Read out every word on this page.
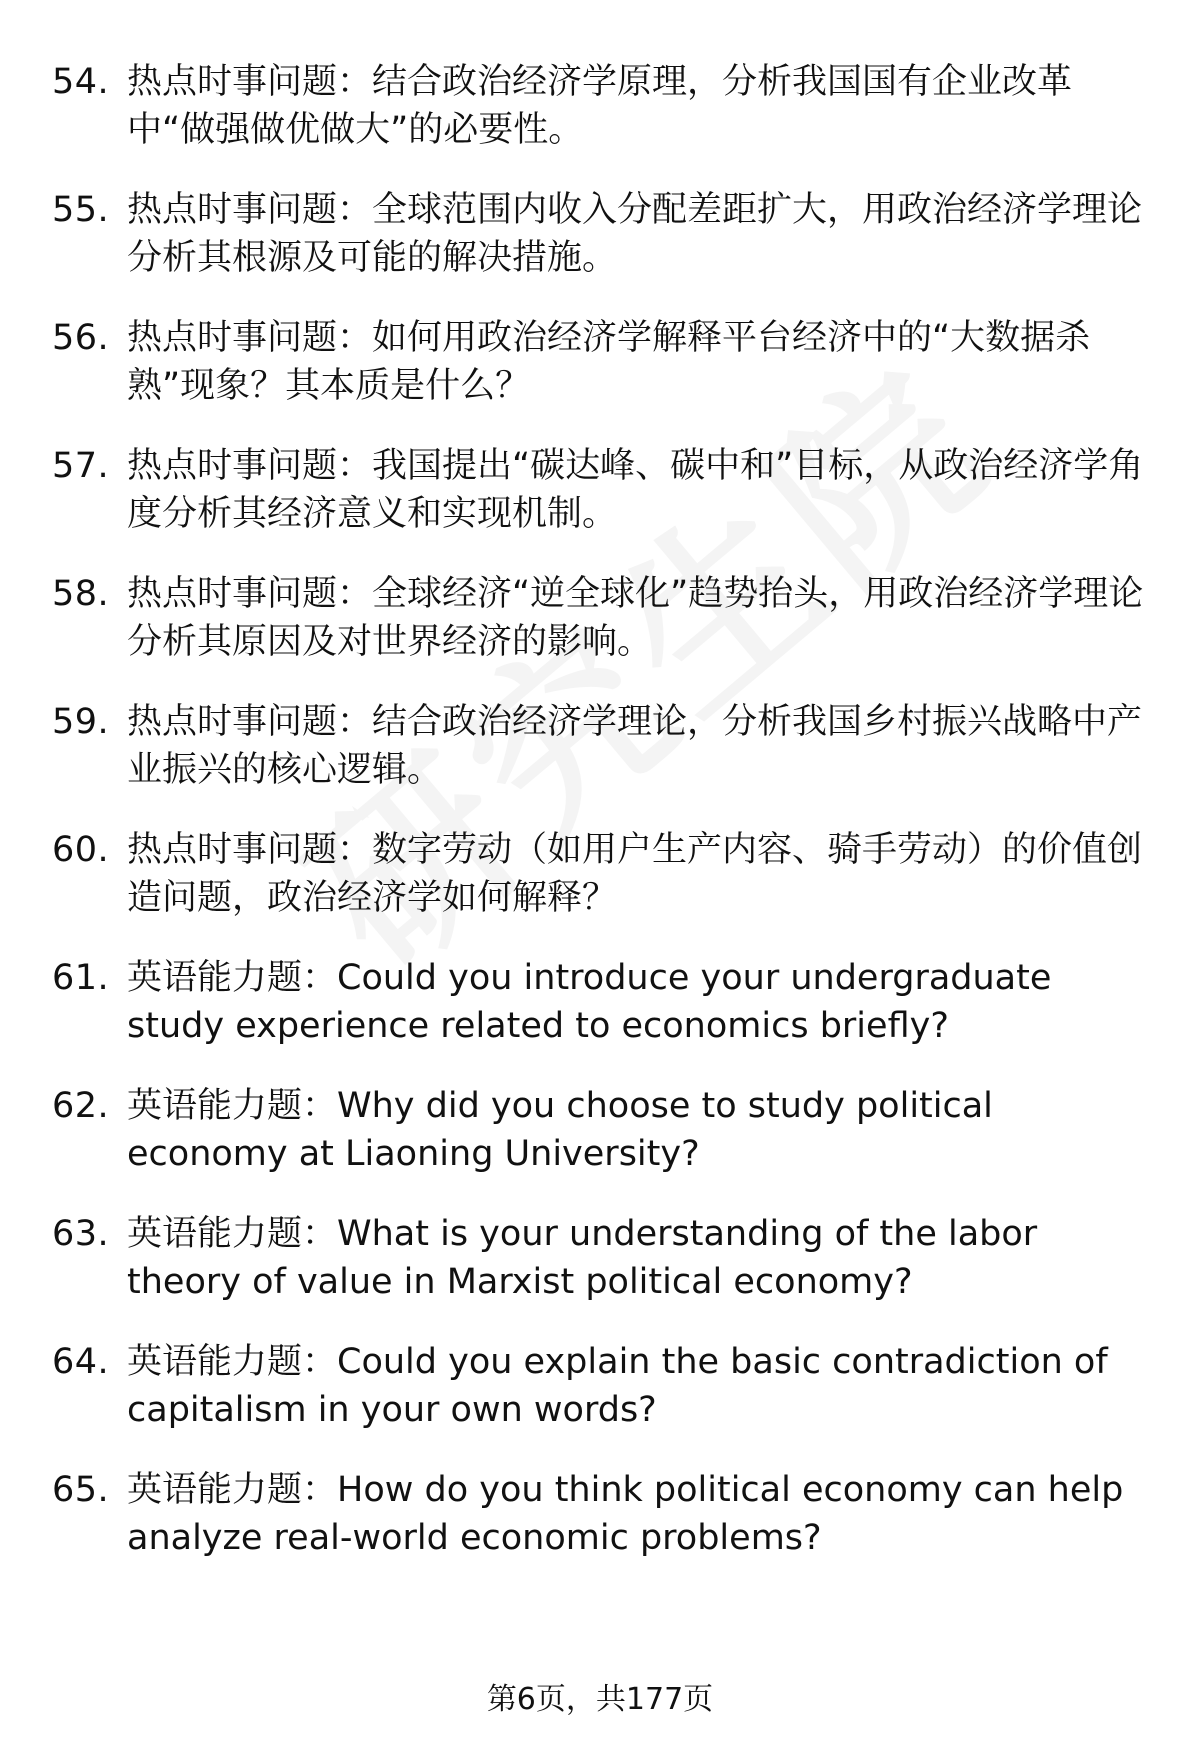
54. 热点时事问题：结合政治经济学原理，分析我国国有企业改革中“做强做优做大”的必要性。
55. 热点时事问题：全球范围内收入分配差距扩大，用政治经济学理论分析其根源及可能的解决措施。
56. 热点时事问题：如何用政治经济学解释平台经济中的“大数据杀熟”现象？其本质是什么？
57. 热点时事问题：我国提出“碳达峰、碳中和”目标，从政治经济学角度分析其经济意义和实现机制。
58. 热点时事问题：全球经济“逆全球化”趋势抬头，用政治经济学理论分析其原因及对世界经济的影响。
59. 热点时事问题：结合政治经济学理论，分析我国乡村振兴战略中产业振兴的核心逻辑。
60. 热点时事问题：数字劳动（如用户生产内容、骑手劳动）的价值创造问题，政治经济学如何解释？
61. 英语能力题：Could you introduce your undergraduate study experience related to economics briefly?
62. 英语能力题：Why did you choose to study political economy at Liaoning University?
63. 英语能力题：What is your understanding of the labor theory of value in Marxist political economy?
64. 英语能力题：Could you explain the basic contradiction of capitalism in your own words?
65. 英语能力题：How do you think political economy can help analyze real-world economic problems?
第6页，共177页
